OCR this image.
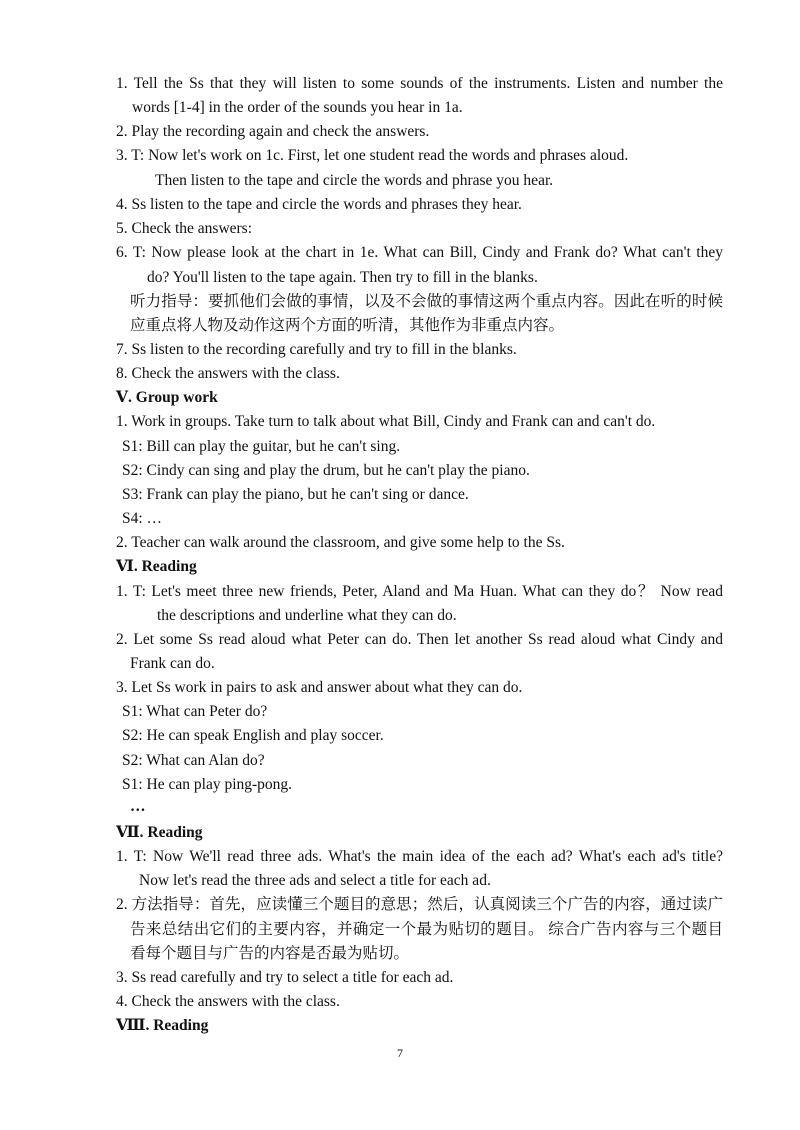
1. Tell the Ss that they will listen to some sounds of the instruments. Listen and number the
words [1-4] in the order of the sounds you hear in 1a.
2. Play the recording again and check the answers.
3. T: Now let's work on 1c. First, let one student read the words and phrases aloud.
Then listen to the tape and circle the words and phrase you hear.
4. Ss listen to the tape and circle the words and phrases they hear.
5. Check the answers:
6. T: Now please look at the chart in 1e. What can Bill, Cindy and Frank do? What can't they
do? You'll listen to the tape again. Then try to fill in the blanks.
听力指导：要抓他们会做的事情，以及不会做的事情这两个重点内容。因此在听的时候
应重点将人物及动作这两个方面的听清，其他作为非重点内容。
7. Ss listen to the recording carefully and try to fill in the blanks.
8. Check the answers with the class.
Ⅴ. Group work
1. Work in groups. Take turn to talk about what Bill, Cindy and Frank can and can't do.
S1: Bill can play the guitar, but he can't sing.
S2: Cindy can sing and play the drum, but he can't play the piano.
S3: Frank can play the piano, but he can't sing or dance.
S4: …
2. Teacher can walk around the classroom, and give some help to the Ss.
Ⅵ. Reading
1. T: Let's meet three new friends, Peter, Aland and Ma Huan. What can they do？ Now read
the descriptions and underline what they can do.
2. Let some Ss read aloud what Peter can do. Then let another Ss read aloud what Cindy and
Frank can do.
3. Let Ss work in pairs to ask and answer about what they can do.
S1: What can Peter do?
S2: He can speak English and play soccer.
S2: What can Alan do?
S1: He can play ping-pong.
…
Ⅶ. Reading
1. T: Now We'll read three ads. What's the main idea of the each ad? What's each ad's title?
Now let's read the three ads and select a title for each ad.
2. 方法指导：首先，应读懂三个题目的意思；然后，认真阅读三个广告的内容，通过读广
告来总结出它们的主要内容，并确定一个最为贴切的题目。 综合广告内容与三个题目
看每个题目与广告的内容是否最为贴切。
3. Ss read carefully and try to select a title for each ad.
4. Check the answers with the class.
Ⅷ. Reading
7
